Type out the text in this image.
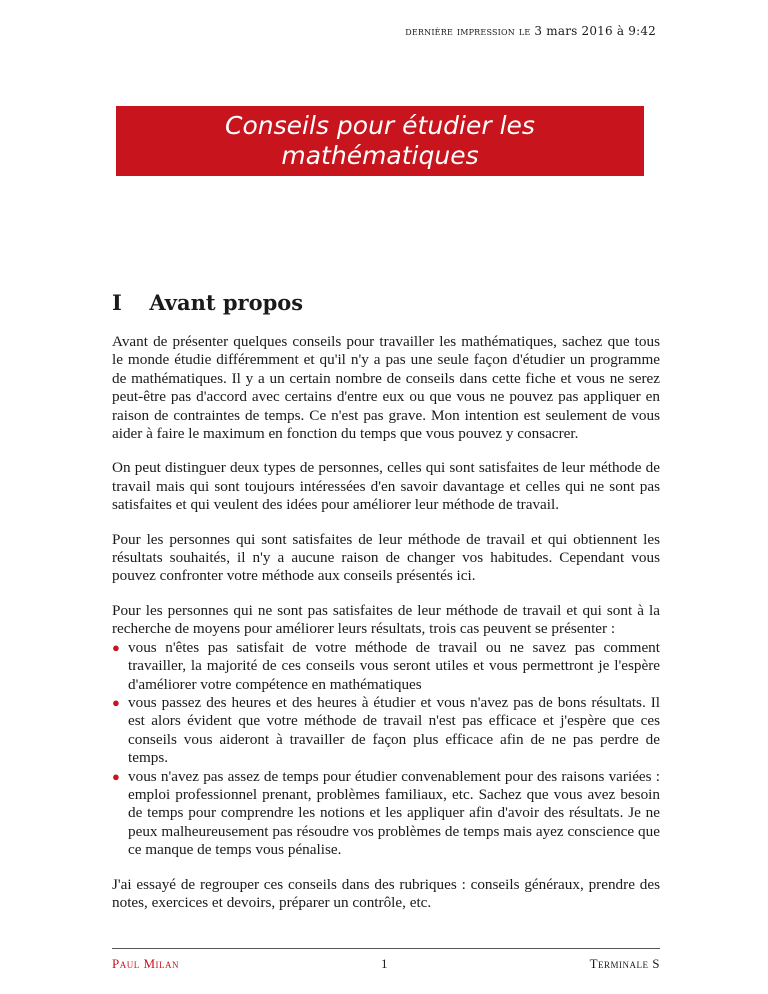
dernière impression le 3 mars 2016 à 9:42
Conseils pour étudier les mathématiques
I Avant propos

Avant de présenter quelques conseils pour travailler les mathématiques, sachez que tous le monde étudie différemment et qu'il n'y a pas une seule façon d'étudier un programme de mathématiques. Il y a un certain nombre de conseils dans cette fiche et vous ne serez peut-être pas d'accord avec certains d'entre eux ou que vous ne pouvez pas appliquer en raison de contraintes de temps. Ce n'est pas grave. Mon intention est seulement de vous aider à faire le maximum en fonction du temps que vous pouvez y consacrer.

On peut distinguer deux types de personnes, celles qui sont satisfaites de leur méthode de travail mais qui sont toujours intéressées d'en savoir davantage et celles qui ne sont pas satisfaites et qui veulent des idées pour améliorer leur méthode de travail.

Pour les personnes qui sont satisfaites de leur méthode de travail et qui obtiennent les résultats souhaités, il n'y a aucune raison de changer vos habitudes. Cependant vous pouvez confronter votre méthode aux conseils présentés ici.

Pour les personnes qui ne sont pas satisfaites de leur méthode de travail et qui sont à la recherche de moyens pour améliorer leurs résultats, trois cas peuvent se présenter :

● vous n'êtes pas satisfait de votre méthode de travail ou ne savez pas comment travailler, la majorité de ces conseils vous seront utiles et vous permettront je l'espère d'améliorer votre compétence en mathématiques
● vous passez des heures et des heures à étudier et vous n'avez pas de bons résultats. Il est alors évident que votre méthode de travail n'est pas efficace et j'espère que ces conseils vous aideront à travailler de façon plus efficace afin de ne pas perdre de temps.
● vous n'avez pas assez de temps pour étudier convenablement pour des raisons variées : emploi professionnel prenant, problèmes familiaux, etc. Sachez que vous avez besoin de temps pour comprendre les notions et les appliquer afin d'avoir des résultats. Je ne peux malheureusement pas résoudre vos problèmes de temps mais ayez conscience que ce manque de temps vous pénalise.

J'ai essayé de regrouper ces conseils dans des rubriques : conseils généraux, prendre des notes, exercices et devoirs, préparer un contrôle, etc.

Paul Milan	1	Terminale S
